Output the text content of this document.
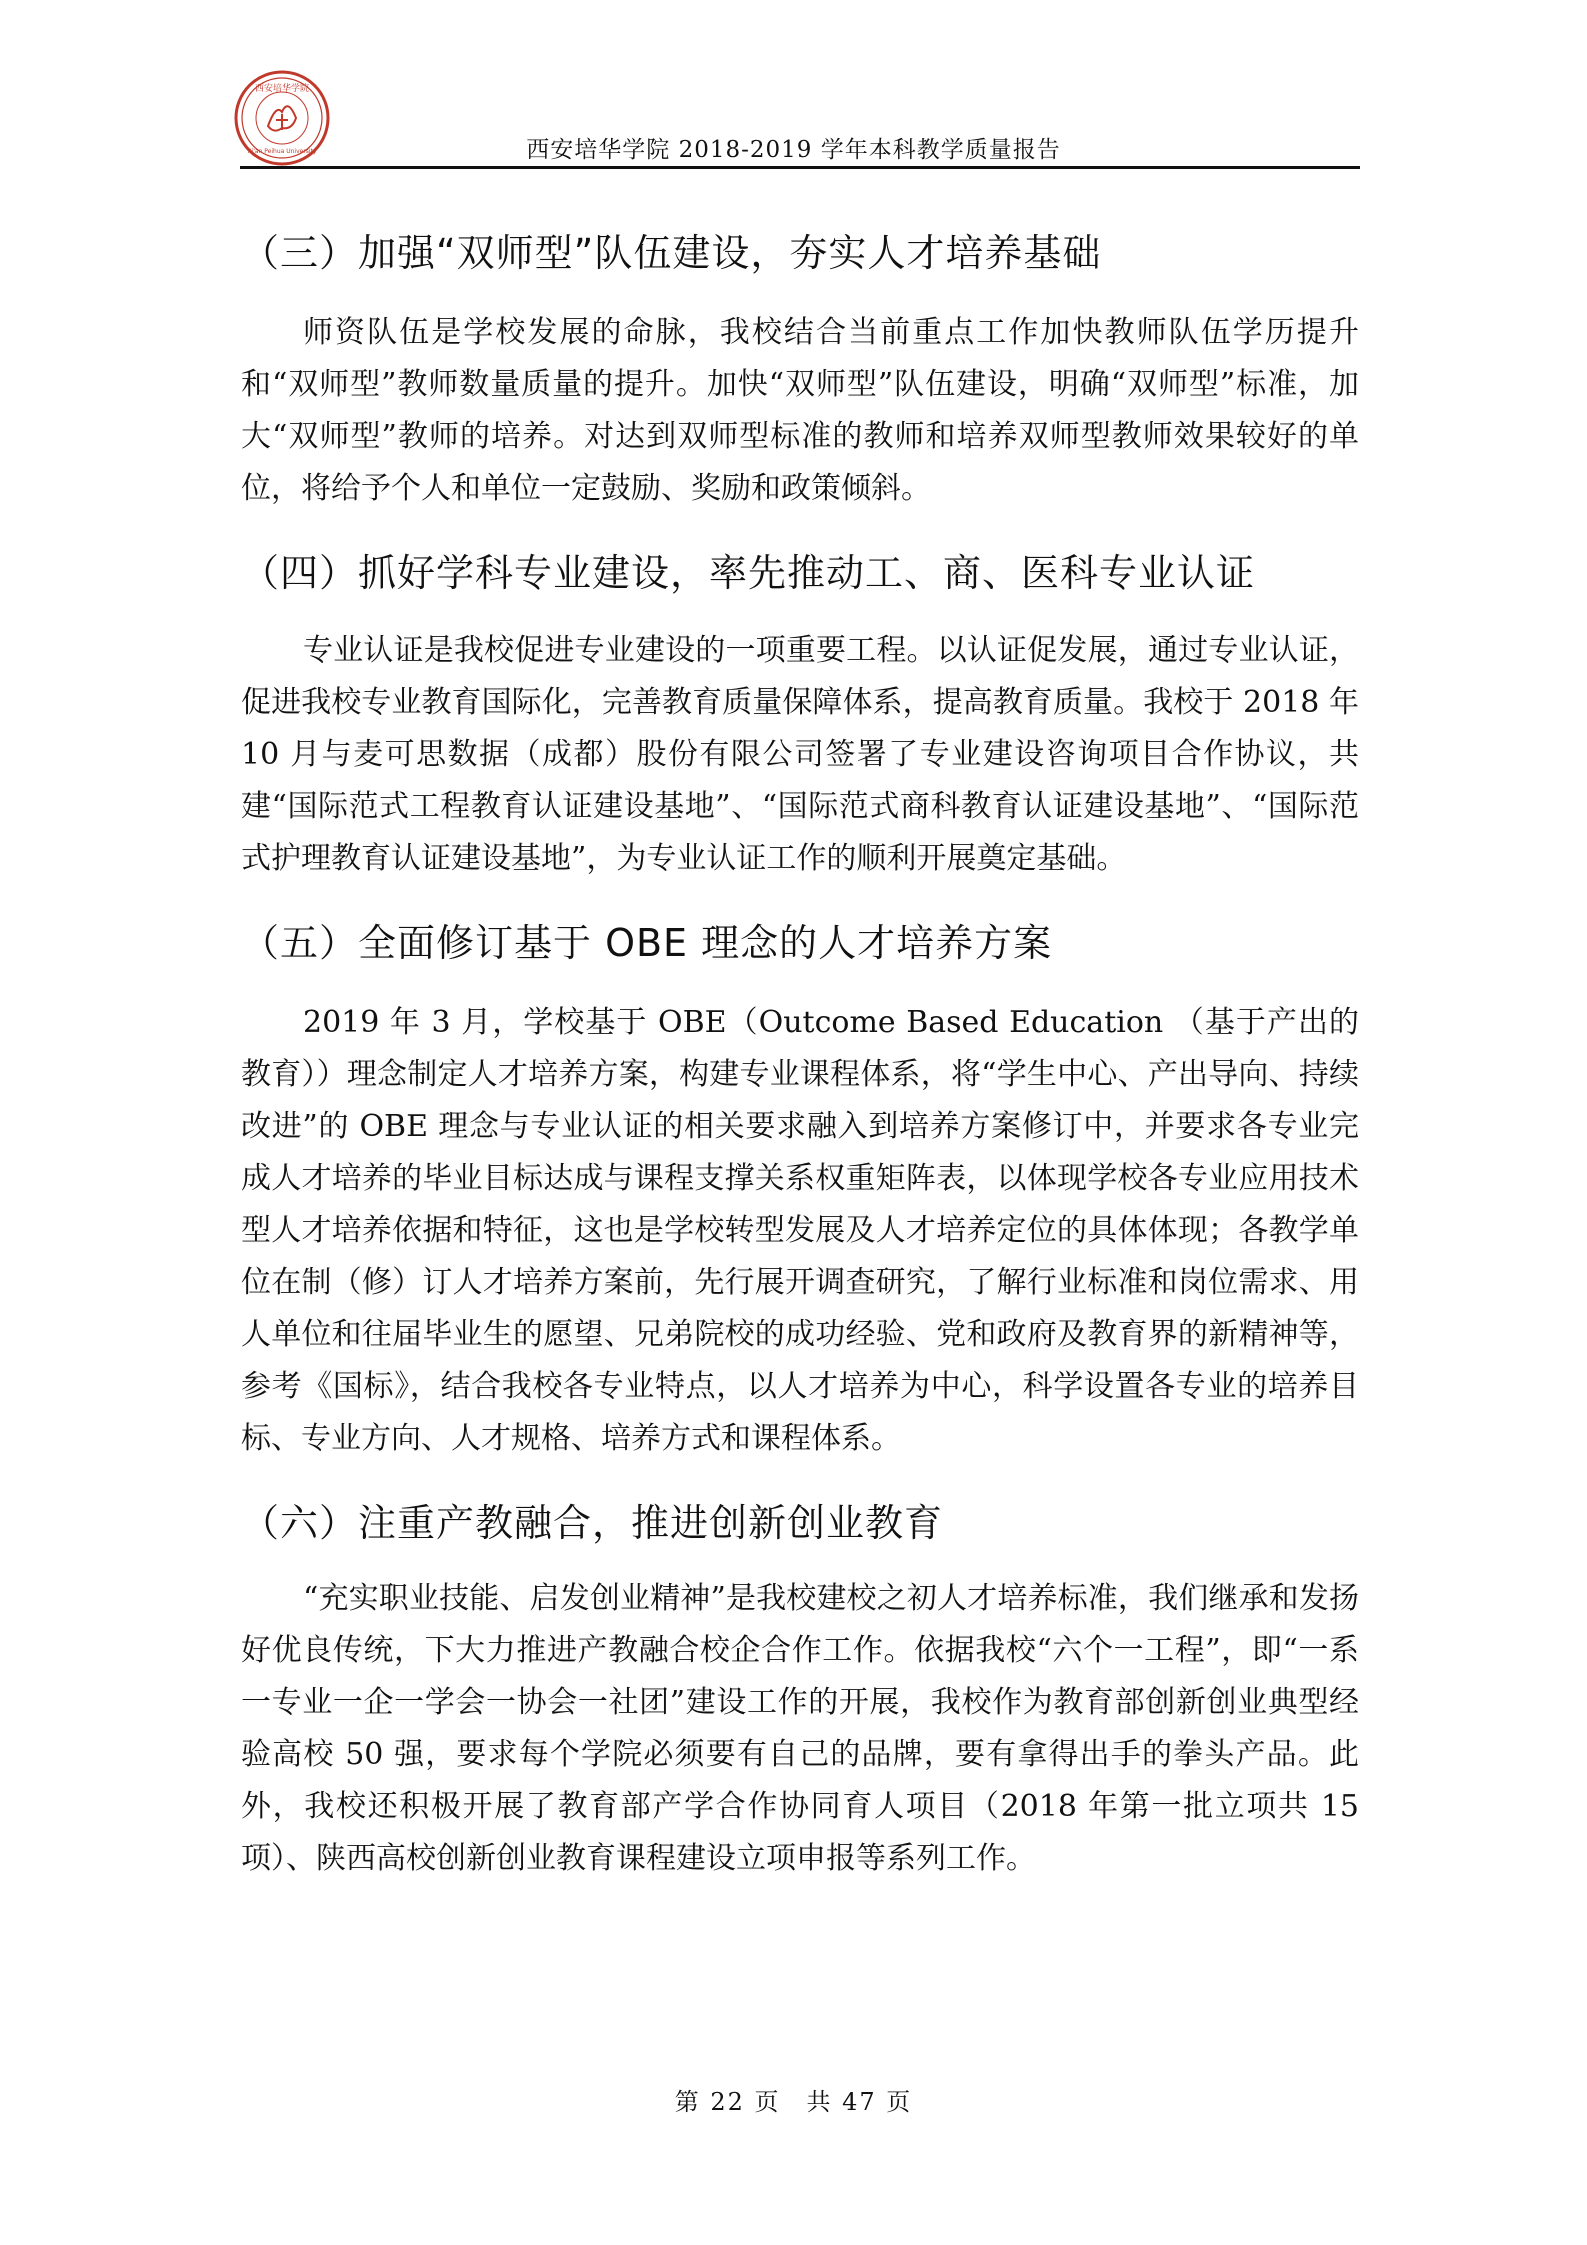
西安培华学院
Xi'an Peihua University	西安培华学院 2018-2019 学年本科教学质量报告
（三）加强“双师型”队伍建设，夯实人才培养基础

师资队伍是学校发展的命脉，我校结合当前重点工作加快教师队伍学历提升和“双师型”教师数量质量的提升。加快“双师型”队伍建设，明确“双师型”标准，加大“双师型”教师的培养。对达到双师型标准的教师和培养双师型教师效果较好的单位，将给予个人和单位一定鼓励、奖励和政策倾斜。

（四）抓好学科专业建设，率先推动工、商、医科专业认证

专业认证是我校促进专业建设的一项重要工程。以认证促发展，通过专业认证，促进我校专业教育国际化，完善教育质量保障体系，提高教育质量。我校于 2018 年 10 月与麦可思数据（成都）股份有限公司签署了专业建设咨询项目合作协议，共建“国际范式工程教育认证建设基地”、“国际范式商科教育认证建设基地”、“国际范式护理教育认证建设基地”，为专业认证工作的顺利开展奠定基础。

（五）全面修订基于 OBE 理念的人才培养方案

2019 年 3 月，学校基于 OBE（Outcome Based Education （基于产出的教育））理念制定人才培养方案，构建专业课程体系，将“学生中心、产出导向、持续改进”的 OBE 理念与专业认证的相关要求融入到培养方案修订中，并要求各专业完成人才培养的毕业目标达成与课程支撑关系权重矩阵表，以体现学校各专业应用技术型人才培养依据和特征，这也是学校转型发展及人才培养定位的具体体现；各教学单位在制（修）订人才培养方案前，先行展开调查研究，了解行业标准和岗位需求、用人单位和往届毕业生的愿望、兄弟院校的成功经验、党和政府及教育界的新精神等，参考《国标》，结合我校各专业特点，以人才培养为中心，科学设置各专业的培养目标、专业方向、人才规格、培养方式和课程体系。

（六）注重产教融合，推进创新创业教育

“充实职业技能、启发创业精神”是我校建校之初人才培养标准，我们继承和发扬好优良传统，下大力推进产教融合校企合作工作。依据我校“六个一工程”，即“一系一专业一企一学会一协会一社团”建设工作的开展，我校作为教育部创新创业典型经验高校 50 强，要求每个学院必须要有自己的品牌，要有拿得出手的拳头产品。此外，我校还积极开展了教育部产学合作协同育人项目（2018 年第一批立项共 15 项）、陕西高校创新创业教育课程建设立项申报等系列工作。

第 22 页　共 47 页
